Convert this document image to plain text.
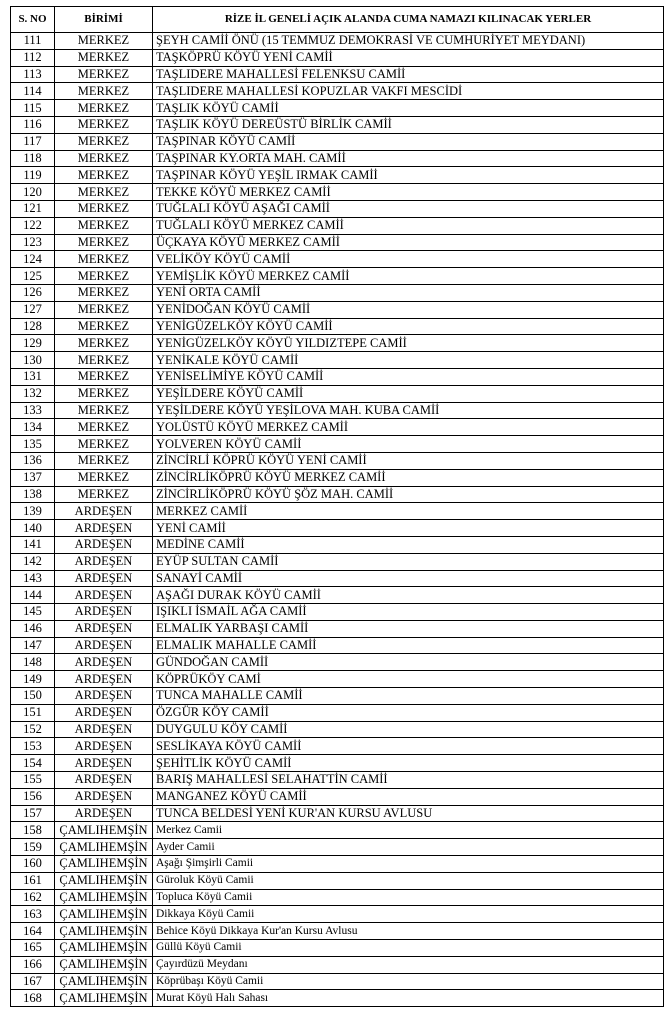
S. NO	BİRİMİ	RİZE İL GENELİ AÇIK ALANDA CUMA NAMAZI KILINACAK YERLER
111	MERKEZ	ŞEYH CAMİİ ÖNÜ (15 TEMMUZ DEMOKRASİ VE CUMHURİYET MEYDANI)
112	MERKEZ	TAŞKÖPRÜ KÖYÜ YENİ CAMİİ
113	MERKEZ	TAŞLIDERE MAHALLESİ FELENKSU CAMİİ
114	MERKEZ	TAŞLIDERE MAHALLESİ KOPUZLAR VAKFI MESCİDİ
115	MERKEZ	TAŞLIK KÖYÜ CAMİİ
116	MERKEZ	TAŞLIK KÖYÜ DEREÜSTÜ BİRLİK CAMİİ
117	MERKEZ	TAŞPINAR KÖYÜ CAMİİ
118	MERKEZ	TAŞPINAR KY.ORTA MAH. CAMİİ
119	MERKEZ	TAŞPINAR KÖYÜ YEŞİL IRMAK CAMİİ
120	MERKEZ	TEKKE KÖYÜ MERKEZ CAMİİ
121	MERKEZ	TUĞLALI KÖYÜ AŞAĞI CAMİİ
122	MERKEZ	TUĞLALI KÖYÜ MERKEZ CAMİİ
123	MERKEZ	ÜÇKAYA KÖYÜ MERKEZ CAMİİ
124	MERKEZ	VELİKÖY KÖYÜ CAMİİ
125	MERKEZ	YEMİŞLİK KÖYÜ MERKEZ CAMİİ
126	MERKEZ	YENİ ORTA CAMİİ
127	MERKEZ	YENİDOĞAN KÖYÜ CAMİİ
128	MERKEZ	YENİGÜZELKÖY KÖYÜ CAMİİ
129	MERKEZ	YENİGÜZELKÖY KÖYÜ YILDIZTEPE CAMİİ
130	MERKEZ	YENİKALE KÖYÜ CAMİİ
131	MERKEZ	YENİSELİMİYE KÖYÜ CAMİİ
132	MERKEZ	YEŞİLDERE KÖYÜ CAMİİ
133	MERKEZ	YEŞİLDERE KÖYÜ YEŞİLOVA MAH. KUBA CAMİİ
134	MERKEZ	YOLÜSTÜ KÖYÜ MERKEZ CAMİİ
135	MERKEZ	YOLVEREN KÖYÜ CAMİİ
136	MERKEZ	ZİNCİRLİ KÖPRÜ KÖYÜ YENİ CAMİİ
137	MERKEZ	ZİNCİRLİKÖPRÜ KÖYÜ MERKEZ CAMİİ
138	MERKEZ	ZİNCİRLİKÖPRÜ KÖYÜ ŞÖZ MAH. CAMİİ
139	ARDEŞEN	MERKEZ CAMİİ
140	ARDEŞEN	YENİ CAMİİ
141	ARDEŞEN	MEDİNE CAMİİ
142	ARDEŞEN	EYÜP SULTAN CAMİİ
143	ARDEŞEN	SANAYİ CAMİİ
144	ARDEŞEN	AŞAĞI DURAK KÖYÜ CAMİİ
145	ARDEŞEN	IŞIKLI İSMAİL AĞA CAMİİ
146	ARDEŞEN	ELMALIK YARBAŞI CAMİİ
147	ARDEŞEN	ELMALIK MAHALLE CAMİİ
148	ARDEŞEN	GÜNDOĞAN CAMİİ
149	ARDEŞEN	KÖPRÜKÖY CAMİ
150	ARDEŞEN	TUNCA MAHALLE CAMİİ
151	ARDEŞEN	ÖZGÜR KÖY CAMİİ
152	ARDEŞEN	DUYGULU KÖY CAMİİ
153	ARDEŞEN	SESLİKAYA KÖYÜ CAMİİ
154	ARDEŞEN	ŞEHİTLİK KÖYÜ CAMİİ
155	ARDEŞEN	BARIŞ MAHALLESİ SELAHATTİN CAMİİ
156	ARDEŞEN	MANGANEZ KÖYÜ CAMİİ
157	ARDEŞEN	TUNCA BELDESİ YENİ KUR'AN KURSU AVLUSU
158	ÇAMLIHEMŞİN	Merkez Camii
159	ÇAMLIHEMŞİN	Ayder Camii
160	ÇAMLIHEMŞİN	Aşağı Şimşirli Camii
161	ÇAMLIHEMŞİN	Güroluk Köyü Camii
162	ÇAMLIHEMŞİN	Topluca Köyü Camii
163	ÇAMLIHEMŞİN	Dikkaya Köyü Camii
164	ÇAMLIHEMŞİN	Behice Köyü Dikkaya Kur'an Kursu Avlusu
165	ÇAMLIHEMŞİN	Güllü Köyü Camii
166	ÇAMLIHEMŞİN	Çayırdüzü Meydanı
167	ÇAMLIHEMŞİN	Köprübaşı Köyü Camii
168	ÇAMLIHEMŞİN	Murat Köyü Halı Sahası
